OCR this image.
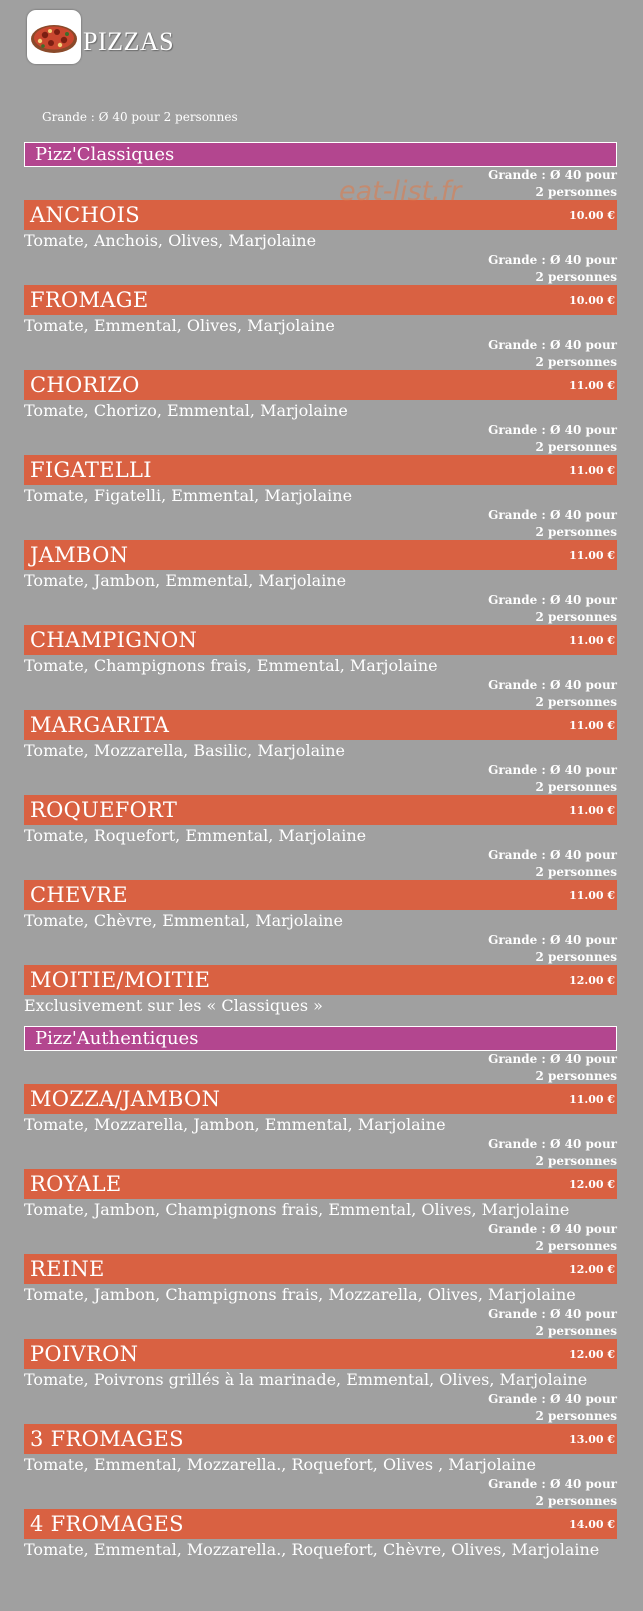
PIZZAS
Grande : Ø 40 pour 2 personnes
eat-list.fr
Pizz'Classiques
Grande : Ø 40 pour 2 personnes
ANCHOIS	10.00 €
Tomate, Anchois, Olives, Marjolaine
Grande : Ø 40 pour 2 personnes
FROMAGE	10.00 €
Tomate, Emmental, Olives, Marjolaine
Grande : Ø 40 pour 2 personnes
CHORIZO	11.00 €
Tomate, Chorizo, Emmental, Marjolaine
Grande : Ø 40 pour 2 personnes
FIGATELLI	11.00 €
Tomate, Figatelli, Emmental, Marjolaine
Grande : Ø 40 pour 2 personnes
JAMBON	11.00 €
Tomate, Jambon, Emmental, Marjolaine
Grande : Ø 40 pour 2 personnes
CHAMPIGNON	11.00 €
Tomate, Champignons frais, Emmental, Marjolaine
Grande : Ø 40 pour 2 personnes
MARGARITA	11.00 €
Tomate, Mozzarella, Basilic, Marjolaine
Grande : Ø 40 pour 2 personnes
ROQUEFORT	11.00 €
Tomate, Roquefort, Emmental, Marjolaine
Grande : Ø 40 pour 2 personnes
CHEVRE	11.00 €
Tomate, Chèvre, Emmental, Marjolaine
Grande : Ø 40 pour 2 personnes
MOITIE/MOITIE	12.00 €
Exclusivement sur les « Classiques »
Pizz'Authentiques
Grande : Ø 40 pour 2 personnes
MOZZA/JAMBON	11.00 €
Tomate, Mozzarella, Jambon, Emmental, Marjolaine
Grande : Ø 40 pour 2 personnes
ROYALE	12.00 €
Tomate, Jambon, Champignons frais, Emmental, Olives, Marjolaine
Grande : Ø 40 pour 2 personnes
REINE	12.00 €
Tomate, Jambon, Champignons frais, Mozzarella, Olives, Marjolaine
Grande : Ø 40 pour 2 personnes
POIVRON	12.00 €
Tomate, Poivrons grillés à la marinade, Emmental, Olives, Marjolaine
Grande : Ø 40 pour 2 personnes
3 FROMAGES	13.00 €
Tomate, Emmental, Mozzarella., Roquefort, Olives , Marjolaine
Grande : Ø 40 pour 2 personnes
4 FROMAGES	14.00 €
Tomate, Emmental, Mozzarella., Roquefort, Chèvre, Olives, Marjolaine
